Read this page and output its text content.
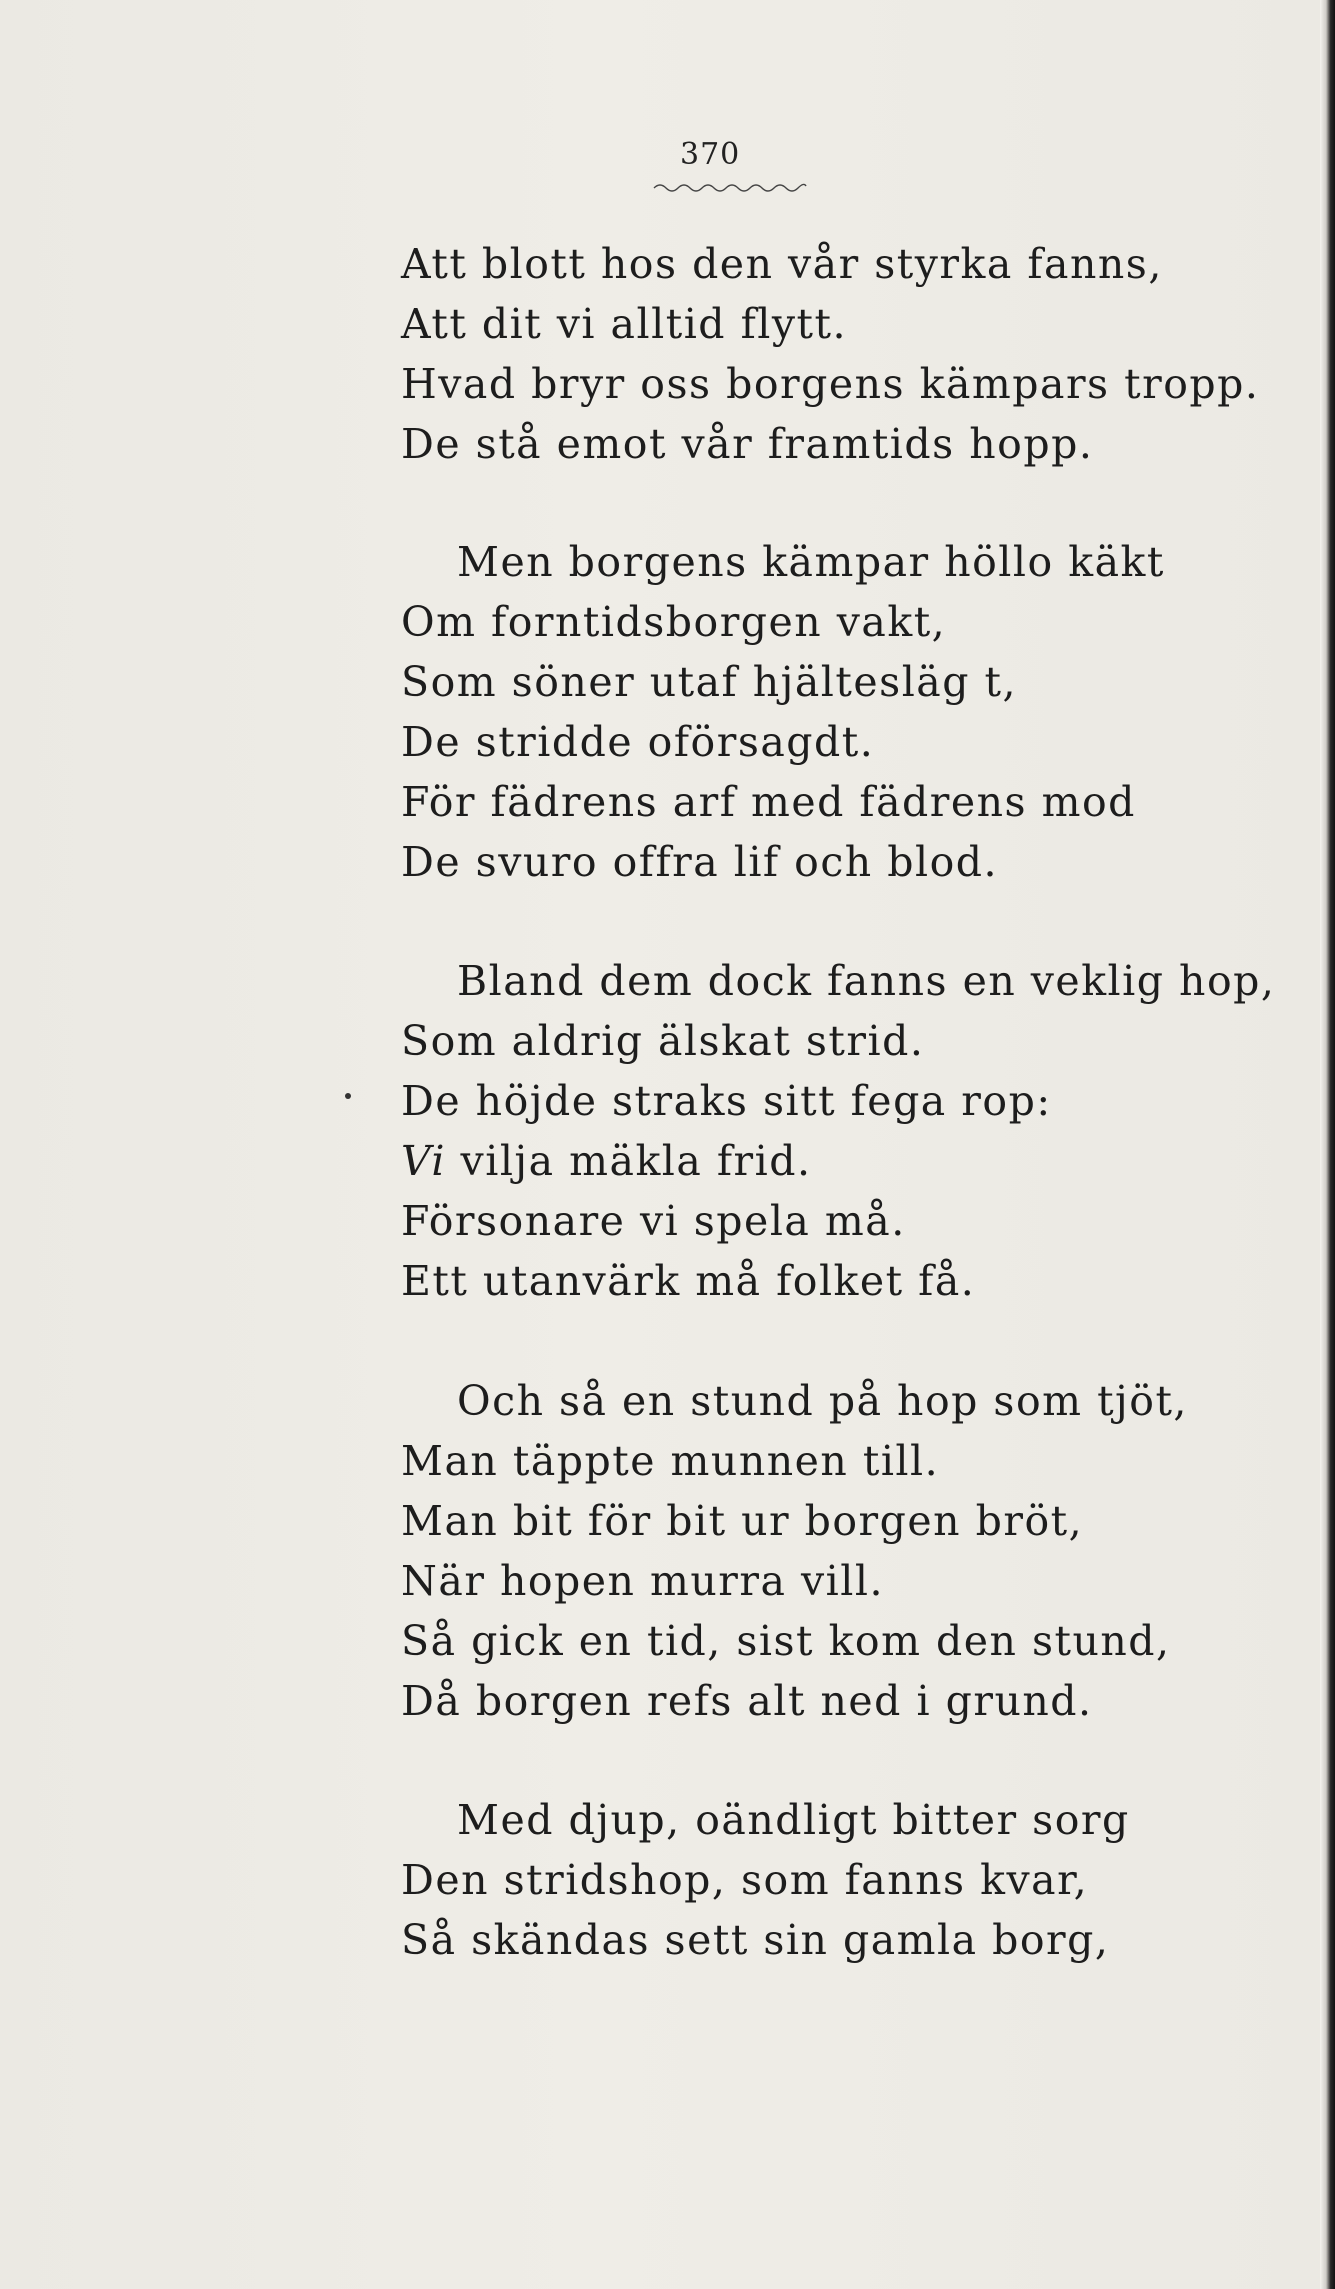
370
Att blott hos den vår styrka fanns,
Att dit vi alltid flytt.
Hvad bryr oss borgens kämpars tropp.
De stå emot vår framtids hopp.
Men borgens kämpar höllo käkt
Om forntidsborgen vakt,
Som söner utaf hjältesläg t,
De stridde oförsagdt.
För fädrens arf med fädrens mod
De svuro offra lif och blod.
Bland dem dock fanns en veklig hop,
Som aldrig älskat strid.
De höjde straks sitt fega rop:
Vi vilja mäkla frid.
Försonare vi spela må.
Ett utanvärk må folket få.
Och så en stund på hop som tjöt,
Man täppte munnen till.
Man bit för bit ur borgen bröt,
När hopen murra vill.
Så gick en tid, sist kom den stund,
Då borgen refs alt ned i grund.
Med djup, oändligt bitter sorg
Den stridshop, som fanns kvar,
Så skändas sett sin gamla borg,
